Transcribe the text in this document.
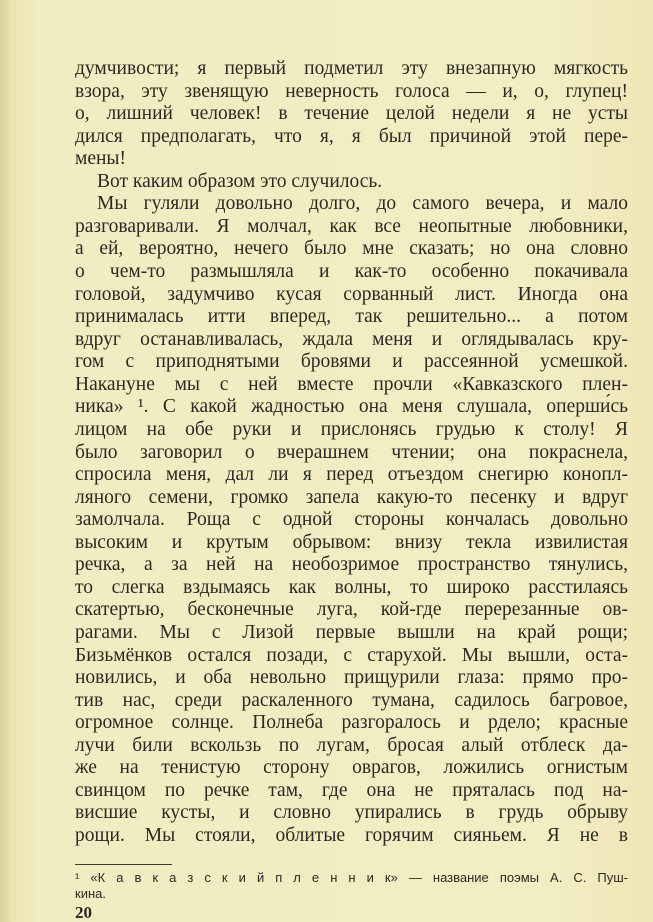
думчивости; я первый подметил эту внезапную мягкость
взора, эту звенящую неверность голоса — и, о, глупец!
о, лишний человек! в течение целой недели я не усты
дился предполагать, что я, я был причиной этой пере-
мены!
Вот каким образом это случилось.
Мы гуляли довольно долго, до самого вечера, и мало
разговаривали. Я молчал, как все неопытные любовники,
а ей, вероятно, нечего было мне сказать; но она словно
о чем-то размышляла и как-то особенно покачивала
головой, задумчиво кусая сорванный лист. Иногда она
принималась итти вперед, так решительно... а потом
вдруг останавливалась, ждала меня и оглядывалась кру-
гом с приподнятыми бровями и рассеянной усмешкой.
Накануне мы с ней вместе прочли «Кавказского плен-
ника» ¹. С какой жадностью она меня слушала, оперши́сь
лицом на обе руки и прислонясь грудью к столу! Я
было заговорил о вчерашнем чтении; она покраснела,
спросила меня, дал ли я перед отъездом снегирю конопл-
ляного семени, громко запела какую-то песенку и вдруг
замолчала. Роща с одной стороны кончалась довольно
высоким и крутым обрывом: внизу текла извилистая
речка, а за ней на необозримое пространство тянулись,
то слегка вздымаясь как волны, то широко расстилаясь
скатертью, бесконечные луга, кой-где перерезанные ов-
рагами. Мы с Лизой первые вышли на край рощи;
Бизьмёнков остался позади, с старухой. Мы вышли, оста-
новились, и оба невольно прищурили глаза: прямо про-
тив нас, среди раскаленного тумана, садилось багровое,
огромное солнце. Полнеба разгоралось и рдело; красные
лучи били вскользь по лугам, бросая алый отблеск да-
же на тенистую сторону оврагов, ложились огнистым
свинцом по речке там, где она не пряталась под на-
висшие кусты, и словно упирались в грудь обрыву
рощи. Мы стояли, облитые горячим сияньем. Я не в
¹ «К а в к а з с к и й п л е н н и к» — название поэмы А. С. Пуш-
кина.
20
